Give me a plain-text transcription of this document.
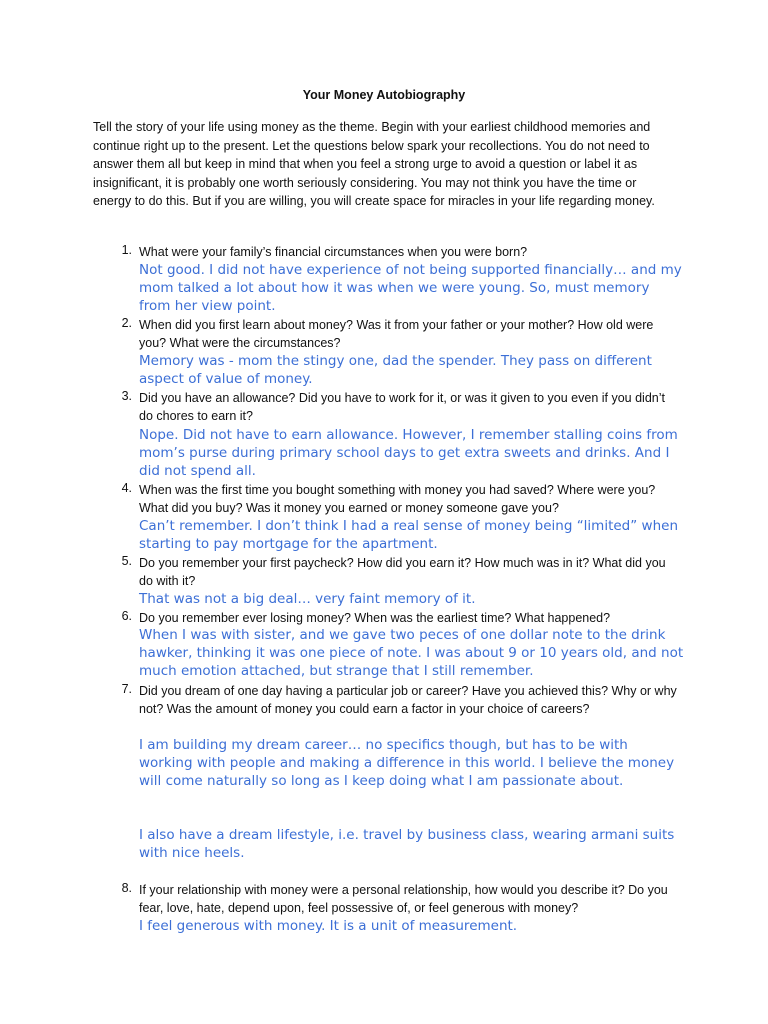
Your Money Autobiography
Tell the story of your life using money as the theme. Begin with your earliest childhood memories and continue right up to the present. Let the questions below spark your recollections. You do not need to answer them all but keep in mind that when you feel a strong urge to avoid a question or label it as insignificant, it is probably one worth seriously considering. You may not think you have the time or energy to do this. But if you are willing, you will create space for miracles in your life regarding money.
1. What were your family’s financial circumstances when you were born?
Not good. I did not have experience of not being supported financially… and my mom talked a lot about how it was when we were young. So, must memory from her view point.
2. When did you first learn about money? Was it from your father or your mother? How old were you? What were the circumstances?
Memory was - mom the stingy one, dad the spender. They pass on different aspect of value of money.
3. Did you have an allowance? Did you have to work for it, or was it given to you even if you didn’t do chores to earn it?
Nope. Did not have to earn allowance. However, I remember stalling coins from mom’s purse during primary school days to get extra sweets and drinks. And I did not spend all.
4. When was the first time you bought something with money you had saved? Where were you? What did you buy? Was it money you earned or money someone gave you?
Can’t remember. I don’t think I had a real sense of money being “limited” when starting to pay mortgage for the apartment.
5. Do you remember your first paycheck? How did you earn it? How much was in it? What did you do with it?
That was not a big deal… very faint memory of it.
6. Do you remember ever losing money? When was the earliest time? What happened?
When I was with sister, and we gave two peces of one dollar note to the drink hawker, thinking it was one piece of note. I was about 9 or 10 years old, and not much emotion attached, but strange that I still remember.
7. Did you dream of one day having a particular job or career? Have you achieved this? Why or why not? Was the amount of money you could earn a factor in your choice of careers?
I am building my dream career… no specifics though, but has to be with working with people and making a difference in this world. I believe the money will come naturally so long as I keep doing what I am passionate about.
I also have a dream lifestyle, i.e. travel by business class, wearing armani suits with nice heels.
8. If your relationship with money were a personal relationship, how would you describe it? Do you fear, love, hate, depend upon, feel possessive of, or feel generous with money?
I feel generous with money. It is a unit of measurement.
